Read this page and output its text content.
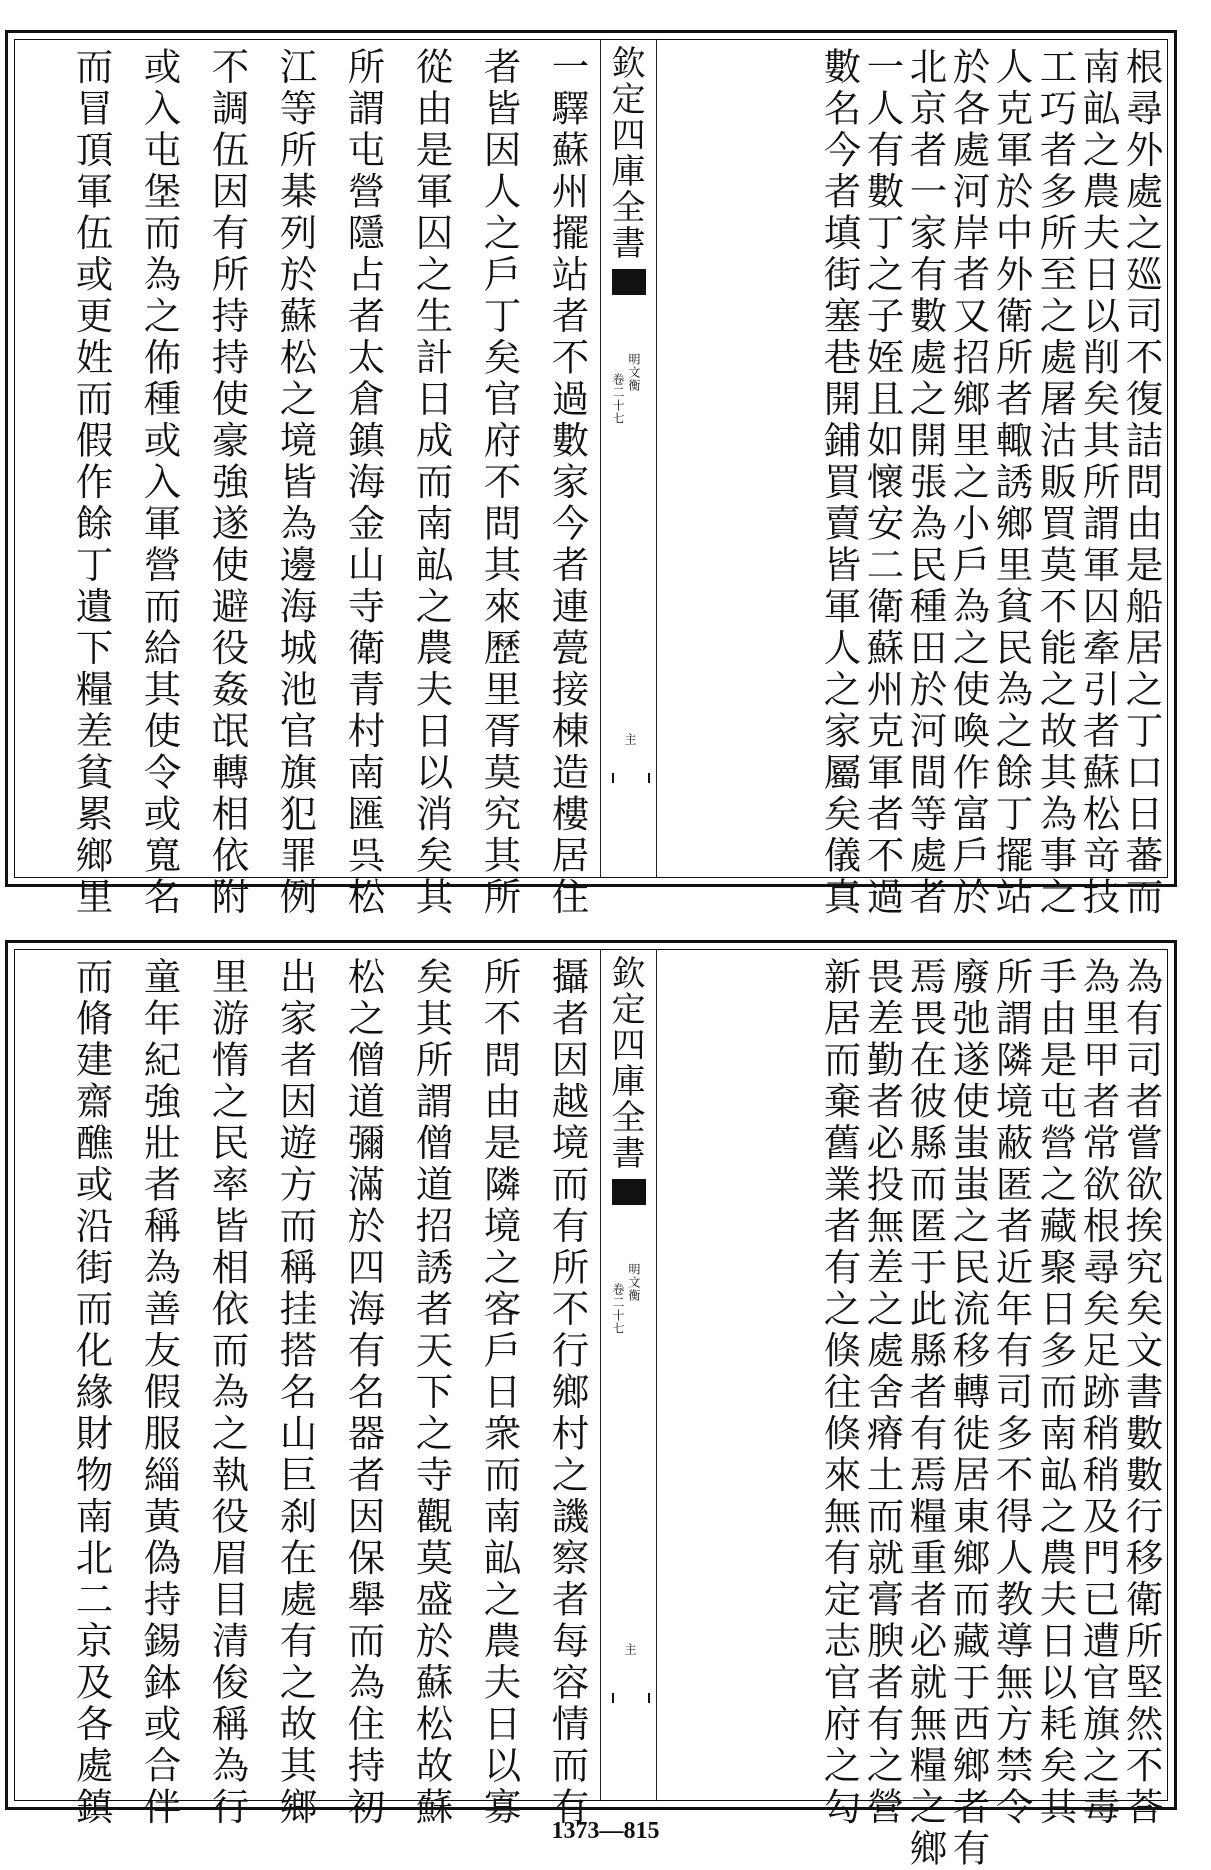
根尋外處之廵司不復詰問由是船居之丁口日蕃而
南畆之農夫日以削矣其所謂軍囚牽引者蘇松竒技
工巧者多所至之處屠沽販買莫不能之故其為事之
人克軍於中外衛所者輙誘鄉里貧民為之餘丁擺站
於各處河岸者又招鄉里之小戶為之使喚作富戶於
北京者一家有數處之開張為民種田於河間等處者
一人有數丁之子姪且如懷安二衛蘇州克軍者不過
數名今者填街塞巷開鋪買賣皆軍人之家屬矣儀真
欽定四庫全書
明文衡
卷二十七
主
一驛蘇州擺站者不過數家今者連甍接棟造樓居住
者皆因人之戶丁矣官府不問其來歷里胥莫究其所
從由是軍囚之生計日成而南畆之農夫日以消矣其
所謂屯營隱占者太倉鎮海金山寺衛青村南匯呉松
江等所棊列於蘇松之境皆為邊海城池官旗犯罪例
不調伍因有所持持使豪強遂使避役姦氓轉相依附
或入屯堡而為之佈種或入軍營而給其使令或寬名
而冒頂軍伍或更姓而假作餘丁遺下糧差貧累鄉里
為有司者嘗欲挨究矣文書數數行移衛所堅然不荅
為里甲者常欲根尋矣足跡稍稍及門已遭官旗之毒
手由是屯營之藏聚日多而南畆之農夫日以耗矣其
所謂隣境蔽匿者近年有司多不得人教導無方禁令
廢弛遂使蚩蚩之民流移轉徙居東鄉而藏于西鄉者有
焉畏在彼縣而匿于此縣者有焉糧重者必就無糧之鄉
畏差勤者必投無差之處舍瘠土而就膏腴者有之營
新居而棄舊業者有之倏往倏來無有定志官府之勾
欽定四庫全書
明文衡
卷二十七
主
攝者因越境而有所不行鄉村之譏察者每容情而有
所不問由是隣境之客戶日衆而南畆之農夫日以寡
矣其所謂僧道招誘者天下之寺觀莫盛於蘇松故蘇
松之僧道彌滿於四海有名器者因保舉而為住持初
出家者因遊方而稱挂搭名山巨刹在處有之故其鄉
里游惰之民率皆相依而為之執役眉目清俊稱為行
童年紀強壯者稱為善友假服緇黃偽持錫鉢或合伴
而脩建齋醮或沿街而化緣財物南北二京及各處鎮
1373—815
